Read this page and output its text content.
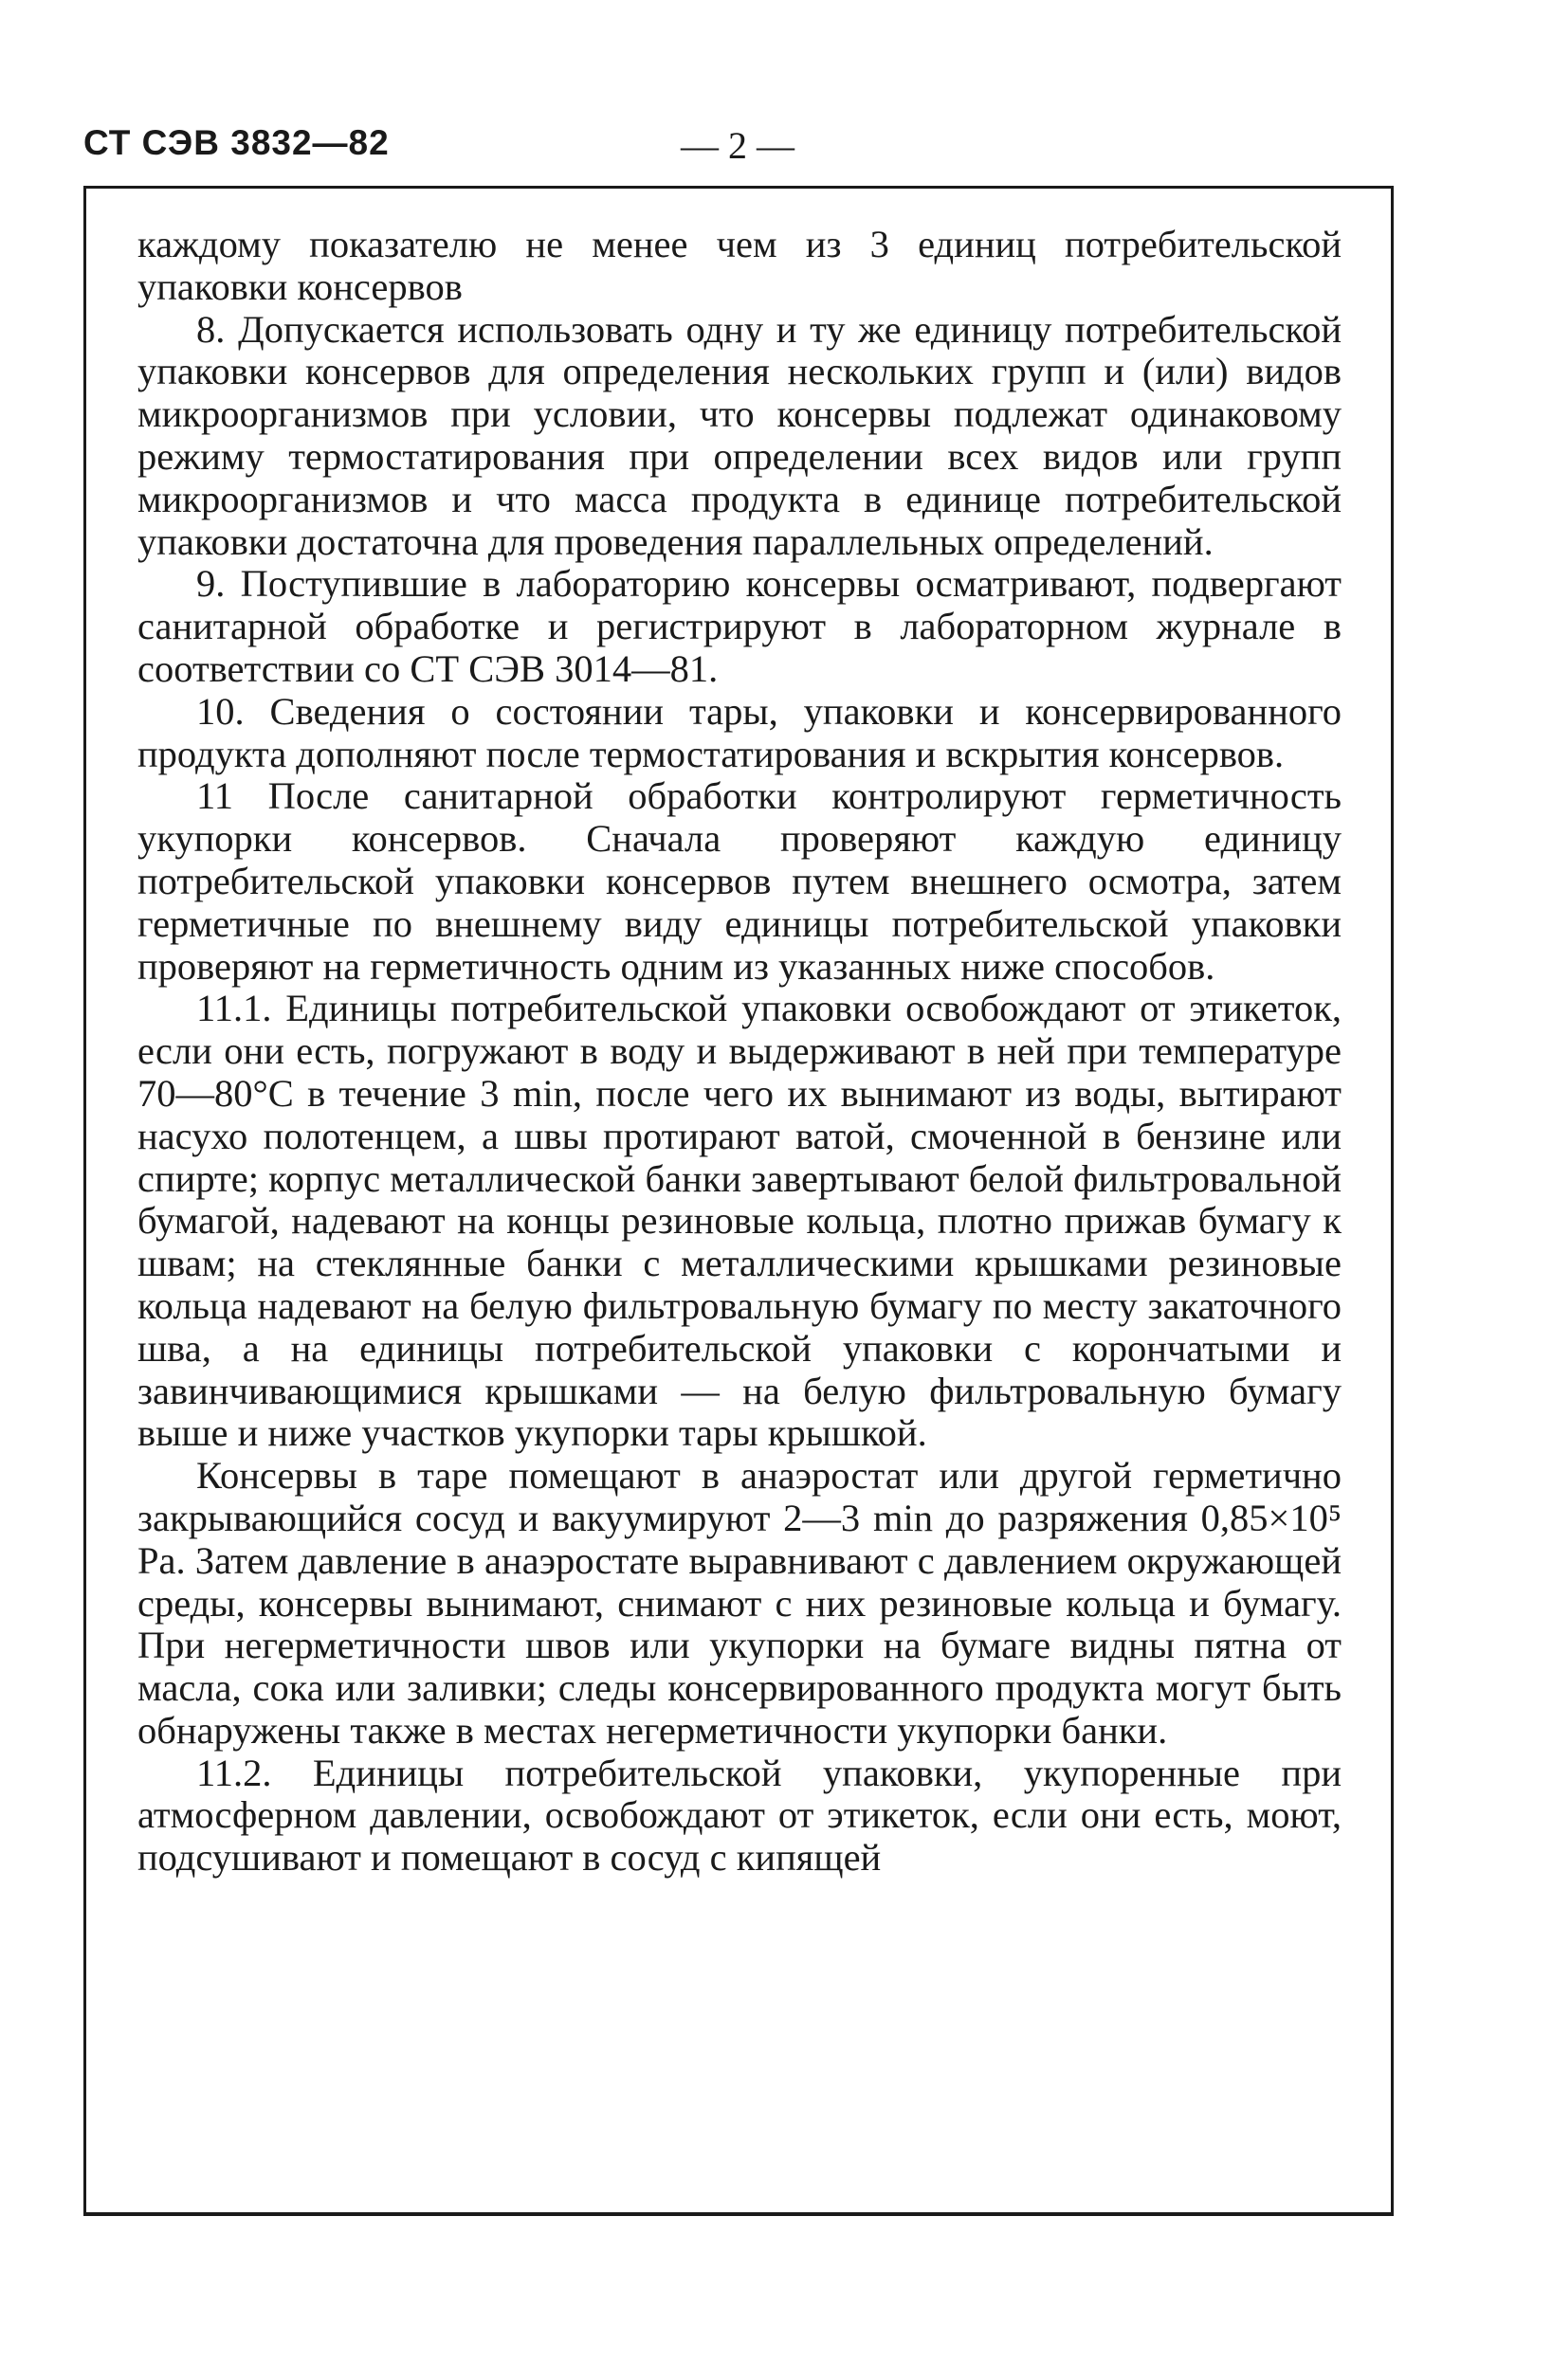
СТ СЭВ 3832—82	— 2 —

каждому показателю не менее чем из 3 единиц потребительской упаковки консервов

8. Допускается использовать одну и ту же единицу потребительской упаковки консервов для определения нескольких групп и (или) видов микроорганизмов при условии, что консервы подлежат одинаковому режиму термостатирования при определении всех видов или групп микроорганизмов и что масса продукта в единице потребительской упаковки достаточна для проведения параллельных определений.

9. Поступившие в лабораторию консервы осматривают, подвергают санитарной обработке и регистрируют в лабораторном журнале в соответствии со СТ СЭВ 3014—81.

10. Сведения о состоянии тары, упаковки и консервированного продукта дополняют после термостатирования и вскрытия консервов.

11 После санитарной обработки контролируют герметичность укупорки консервов. Сначала проверяют каждую единицу потребительской упаковки консервов путем внешнего осмотра, затем герметичные по внешнему виду единицы потребительской упаковки проверяют на герметичность одним из указанных ниже способов.

11.1. Единицы потребительской упаковки освобождают от этикеток, если они есть, погружают в воду и выдерживают в ней при температуре 70—80°С в течение 3 min, после чего их вынимают из воды, вытирают насухо полотенцем, а швы протирают ватой, смоченной в бензине или спирте; корпус металлической банки завертывают белой фильтровальной бумагой, надевают на концы резиновые кольца, плотно прижав бумагу к швам; на стеклянные банки с металлическими крышками резиновые кольца надевают на белую фильтровальную бумагу по месту закаточного шва, а на единицы потребительской упаковки с корончатыми и завинчивающимися крышками — на белую фильтровальную бумагу выше и ниже участков укупорки тары крышкой.

Консервы в таре помещают в анаэростат или другой герметично закрывающийся сосуд и вакуумируют 2—3 min до разряжения 0,85×10⁵ Ра. Затем давление в анаэростате выравнивают с давлением окружающей среды, консервы вынимают, снимают с них резиновые кольца и бумагу. При негерметичности швов или укупорки на бумаге видны пятна от масла, сока или заливки; следы консервированного продукта могут быть обнаружены также в местах негерметичности укупорки банки.

11.2. Единицы потребительской упаковки, укупоренные при атмосферном давлении, освобождают от этикеток, если они есть, моют, подсушивают и помещают в сосуд с кипящей
